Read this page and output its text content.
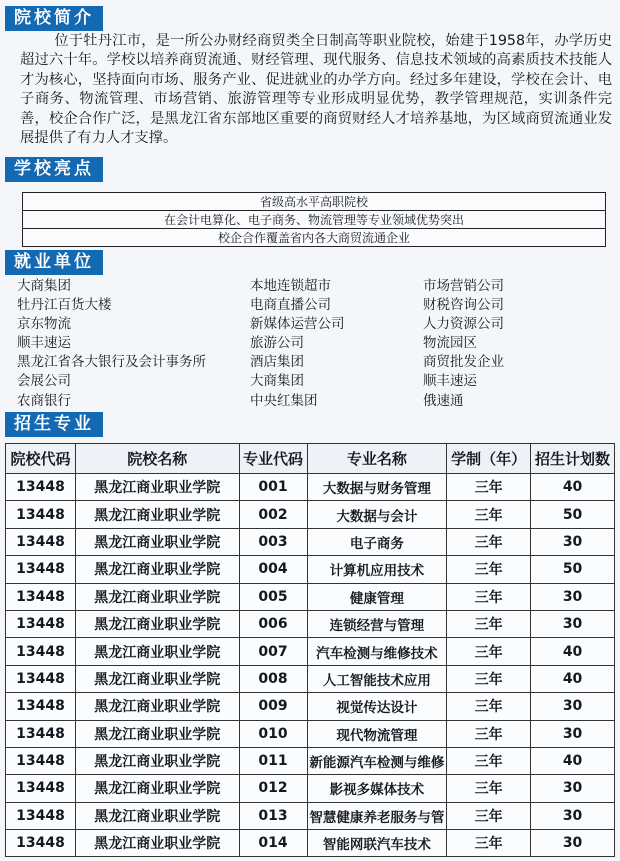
院校简介

位于牡丹江市，是一所公办财经商贸类全日制高等职业院校，始建于1958年，办学历史超过六十年。学校以培养商贸流通、财经管理、现代服务、信息技术领域的高素质技术技能人才为核心，坚持面向市场、服务产业、促进就业的办学方向。经过多年建设，学校在会计、电子商务、物流管理、市场营销、旅游管理等专业形成明显优势，教学管理规范，实训条件完善，校企合作广泛，是黑龙江省东部地区重要的商贸财经人才培养基地，为区域商贸流通业发展提供了有力人才支撑。

学校亮点
省级高水平高职院校
在会计电算化、电子商务、物流管理等专业领域优势突出
校企合作覆盖省内各大商贸流通企业
就业单位
大商集团
牡丹江百货大楼
京东物流
顺丰速运
黑龙江省各大银行及会计事务所
会展公司
农商银行
本地连锁超市
电商直播公司
新媒体运营公司
旅游公司
酒店集团
大商集团
中央红集团
市场营销公司
财税咨询公司
人力资源公司
物流园区
商贸批发企业
顺丰速运
俄速通
招生专业
院校代码	院校名称	专业代码	专业名称	学制（年）	招生计划数
13448	黑龙江商业职业学院	001	大数据与财务管理	三年	40
13448	黑龙江商业职业学院	002	大数据与会计	三年	50
13448	黑龙江商业职业学院	003	电子商务	三年	30
13448	黑龙江商业职业学院	004	计算机应用技术	三年	50
13448	黑龙江商业职业学院	005	健康管理	三年	30
13448	黑龙江商业职业学院	006	连锁经营与管理	三年	30
13448	黑龙江商业职业学院	007	汽车检测与维修技术	三年	40
13448	黑龙江商业职业学院	008	人工智能技术应用	三年	40
13448	黑龙江商业职业学院	009	视觉传达设计	三年	30
13448	黑龙江商业职业学院	010	现代物流管理	三年	30
13448	黑龙江商业职业学院	011	新能源汽车检测与维修	三年	40
13448	黑龙江商业职业学院	012	影视多媒体技术	三年	30
13448	黑龙江商业职业学院	013	智慧健康养老服务与管	三年	30
13448	黑龙江商业职业学院	014	智能网联汽车技术	三年	30
